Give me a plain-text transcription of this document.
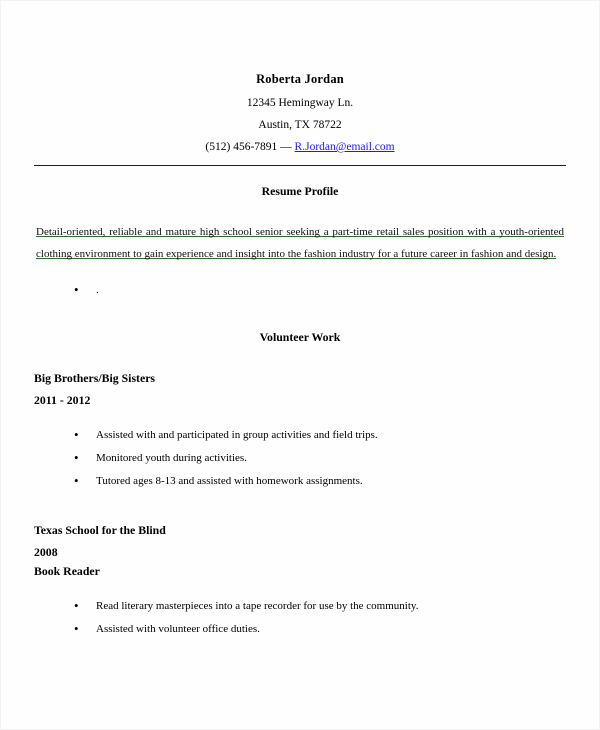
Roberta Jordan
12345 Hemingway Ln.
Austin, TX 78722
(512) 456-7891 — R.Jordan@email.com
Resume Profile
Detail-oriented, reliable and mature high school senior seeking a part-time retail sales position with a youth-oriented clothing environment to gain experience and insight into the fashion industry for a future career in fashion and design.
• .
Volunteer Work
Big Brothers/Big Sisters
2011 - 2012
• Assisted with and participated in group activities and field trips.
• Monitored youth during activities.
• Tutored ages 8-13 and assisted with homework assignments.
Texas School for the Blind
2008
Book Reader
• Read literary masterpieces into a tape recorder for use by the community.
• Assisted with volunteer office duties.
